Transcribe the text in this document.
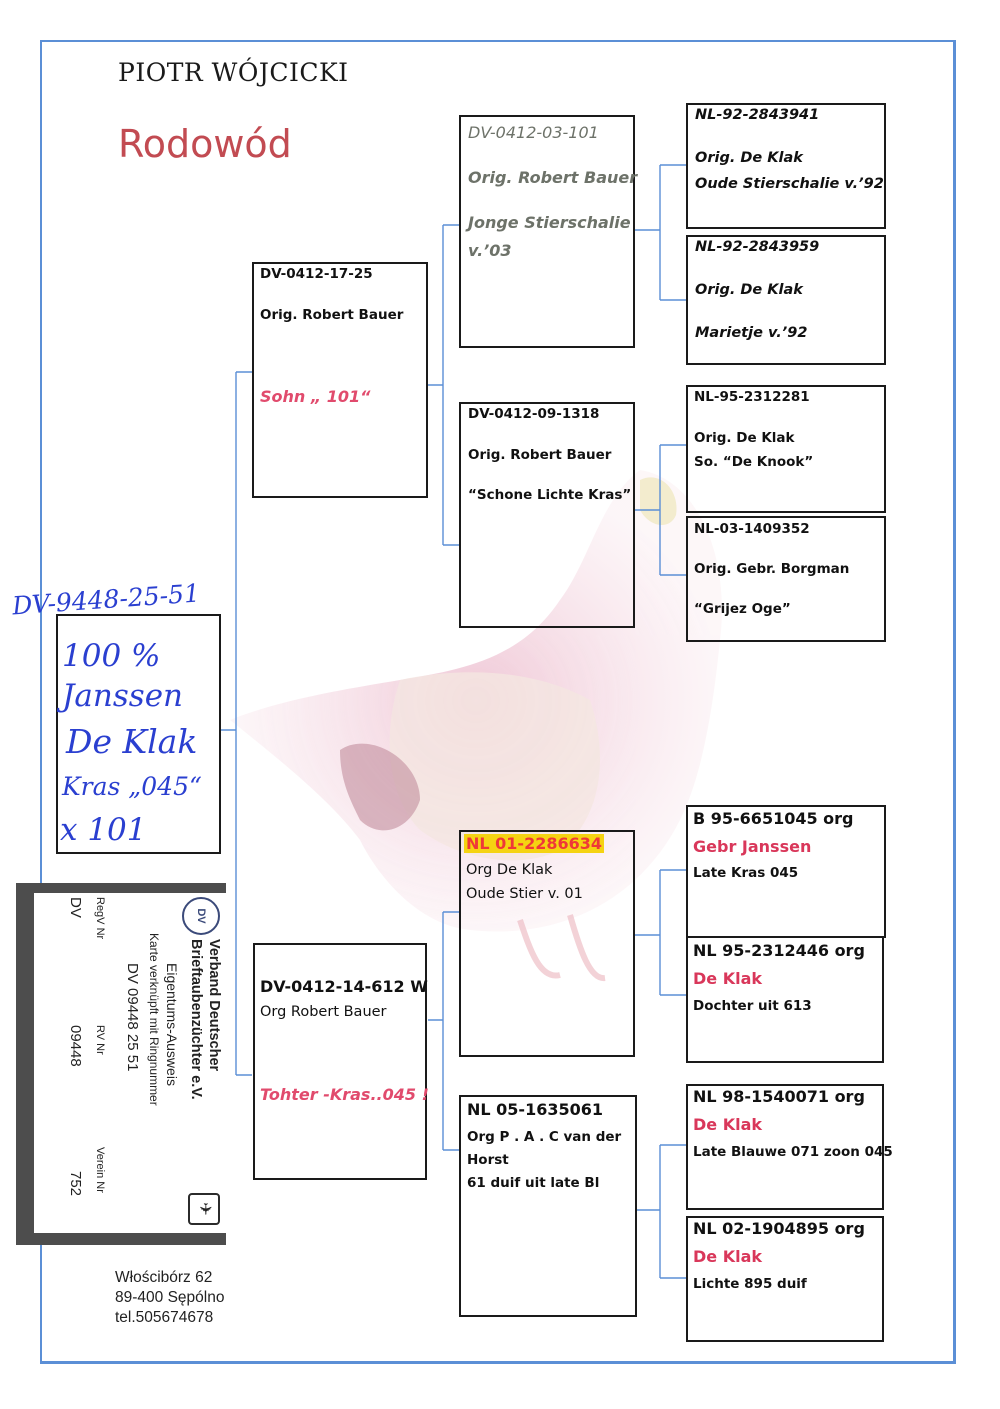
PIOTR WÓJCICKI
Rodowód
DV-9448-25-51
100 %
Janssen
De Klak
Kras „045“
x 101
DV-0412-17-25
Orig. Robert Bauer
Sohn „ 101“
DV-0412-14-612 W
Org Robert Bauer
Tohter -Kras..045 !
DV-0412-03-101
Orig. Robert Bauer
Jonge Stierschalie
v.’03
DV-0412-09-1318
Orig. Robert Bauer
“Schone Lichte Kras”
NL 01-2286634
Org De Klak
Oude Stier v. 01
NL 05-1635061
Org P . A . C van der
Horst
61 duif uit late Bl
NL-92-2843941
Orig. De Klak
Oude Stierschalie v.’92
NL-92-2843959
Orig. De Klak
Marietje v.’92
NL-95-2312281
Orig. De Klak
So. “De Knook”
NL-03-1409352
Orig. Gebr. Borgman
“Grijez Oge”
B 95-6651045 org
Gebr Janssen
Late Kras 045
NL 95-2312446 org
De Klak
Dochter uit 613
NL 98-1540071 org
De Klak
Late Blauwe 071 zoon 045
NL 02-1904895 org
De Klak
Lichte 895 duif
DV
Verband Deutscher
Brieftaubenzüchter e.V.
Eigentums-Ausweis
Karte verknüpft mit Ringnummer
DV 09448 25 51
RegV Nr
RV Nr
Verein Nr
DV
09448
752
✈
Włościbórz 62
89-400 Sępólno
tel.505674678
